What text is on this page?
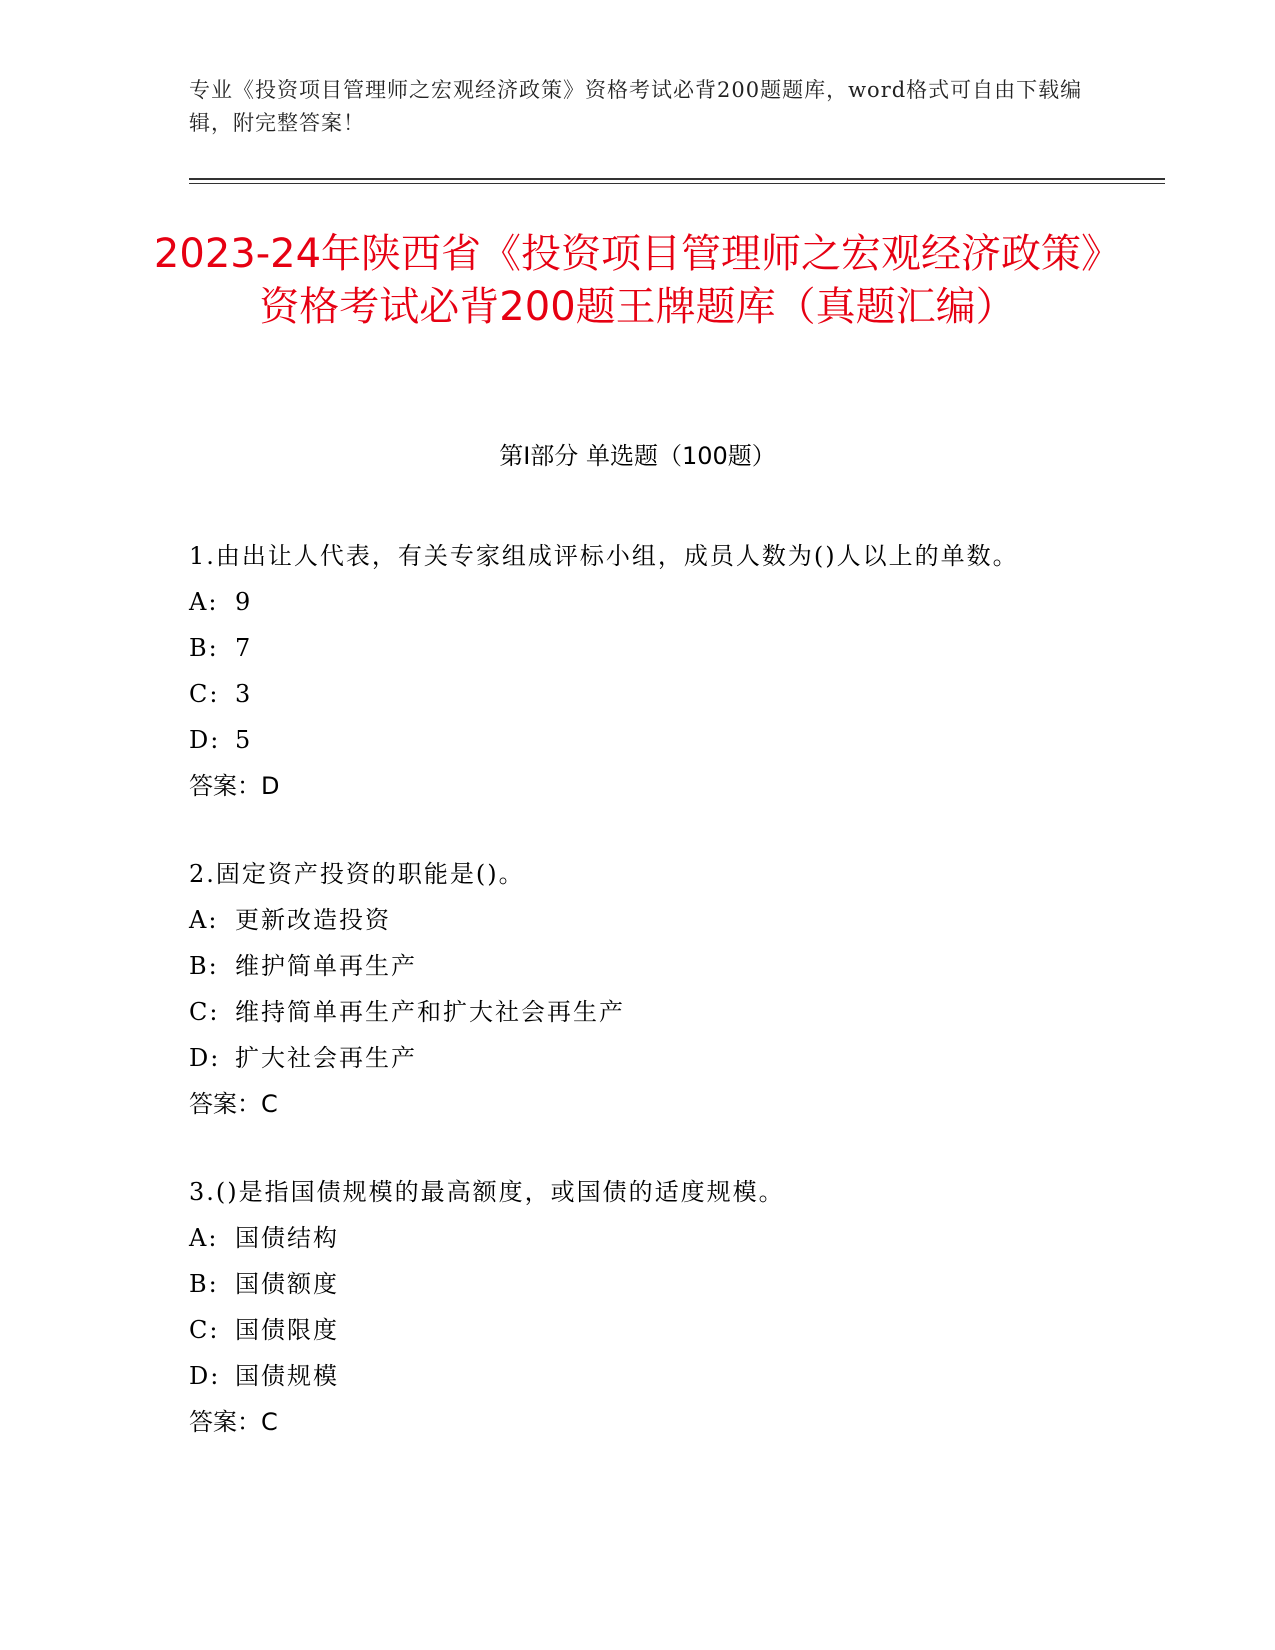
专业《投资项目管理师之宏观经济政策》资格考试必背200题题库，word格式可自由下载编辑，附完整答案！
2023-24年陕西省《投资项目管理师之宏观经济政策》资格考试必背200题王牌题库（真题汇编）
第Ⅰ部分 单选题（100题）

1.由出让人代表，有关专家组成评标小组，成员人数为()人以上的单数。

A: 9

B: 7

C: 3

D: 5

答案：D

2.固定资产投资的职能是()。

A: 更新改造投资

B: 维护简单再生产

C: 维持简单再生产和扩大社会再生产

D: 扩大社会再生产

答案：C

3.()是指国债规模的最高额度，或国债的适度规模。

A: 国债结构

B: 国债额度

C: 国债限度

D: 国债规模

答案：C
